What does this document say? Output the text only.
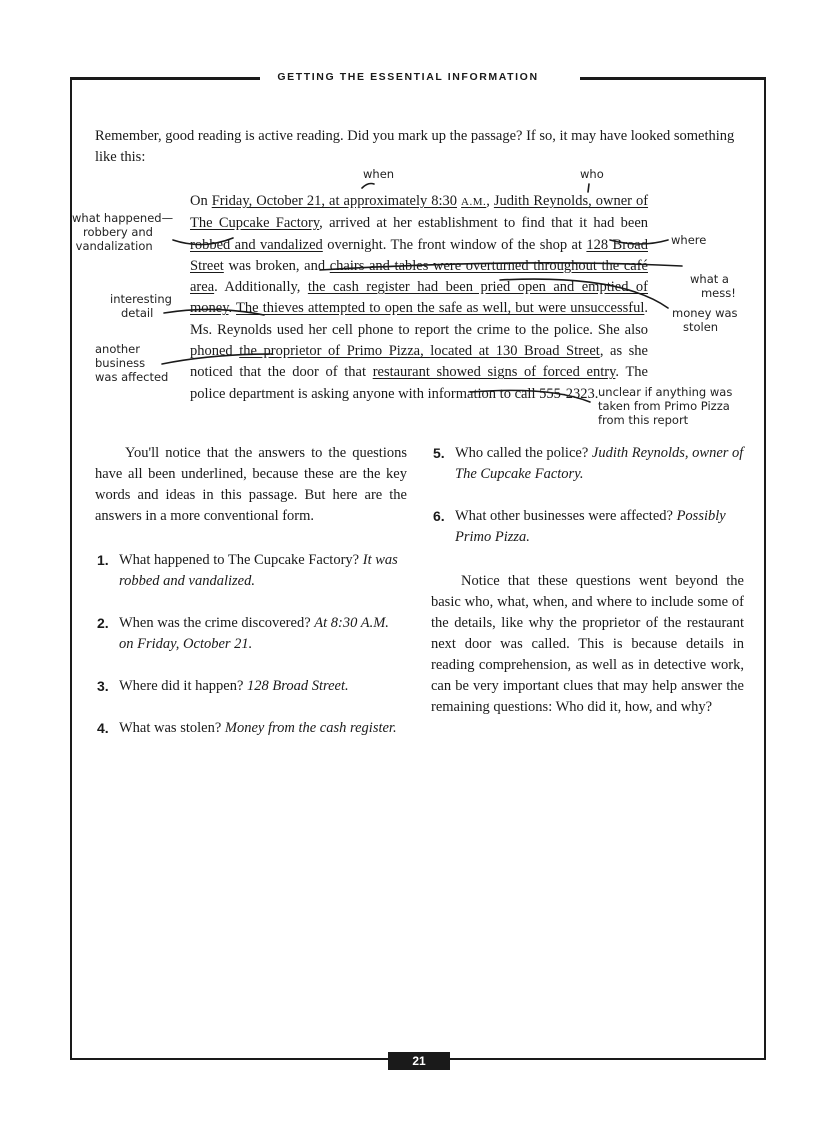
GETTING THE ESSENTIAL INFORMATION

Remember, good reading is active reading. Did you mark up the passage? If so, it may have looked something like this:

On Friday, October 21, at approximately 8:30 A.M., Judith Reynolds, owner of The Cupcake Factory, arrived at her establishment to find that it had been robbed and vandalized overnight. The front window of the shop at 128 Broad Street was broken, and chairs and tables were overturned throughout the café area. Additionally, the cash register had been pried open and emptied of money. The thieves attempted to open the safe as well, but were unsuccessful. Ms. Reynolds used her cell phone to report the crime to the police. She also phoned the proprietor of Primo Pizza, located at 130 Broad Street, as she noticed that the door of that restaurant showed signs of forced entry. The police department is asking anyone with information to call 555-2323.

when	who
what happened—
robbery and
vandalization	where
what a
mess!
interesting
detail	money was
stolen
another
business
was affected
unclear if anything was
taken from Primo Pizza
from this report

You'll notice that the answers to the questions have all been underlined, because these are the key words and ideas in this passage. But here are the answers in a more conventional form.

1. What happened to The Cupcake Factory? It was robbed and vandalized.
2. When was the crime discovered? At 8:30 A.M. on Friday, October 21.
3. Where did it happen? 128 Broad Street.
4. What was stolen? Money from the cash register.
5. Who called the police? Judith Reynolds, owner of The Cupcake Factory.
6. What other businesses were affected? Possibly Primo Pizza.

Notice that these questions went beyond the basic who, what, when, and where to include some of the details, like why the proprietor of the restaurant next door was called. This is because details in reading comprehension, as well as in detective work, can be very important clues that may help answer the remaining questions: Who did it, how, and why?

21
